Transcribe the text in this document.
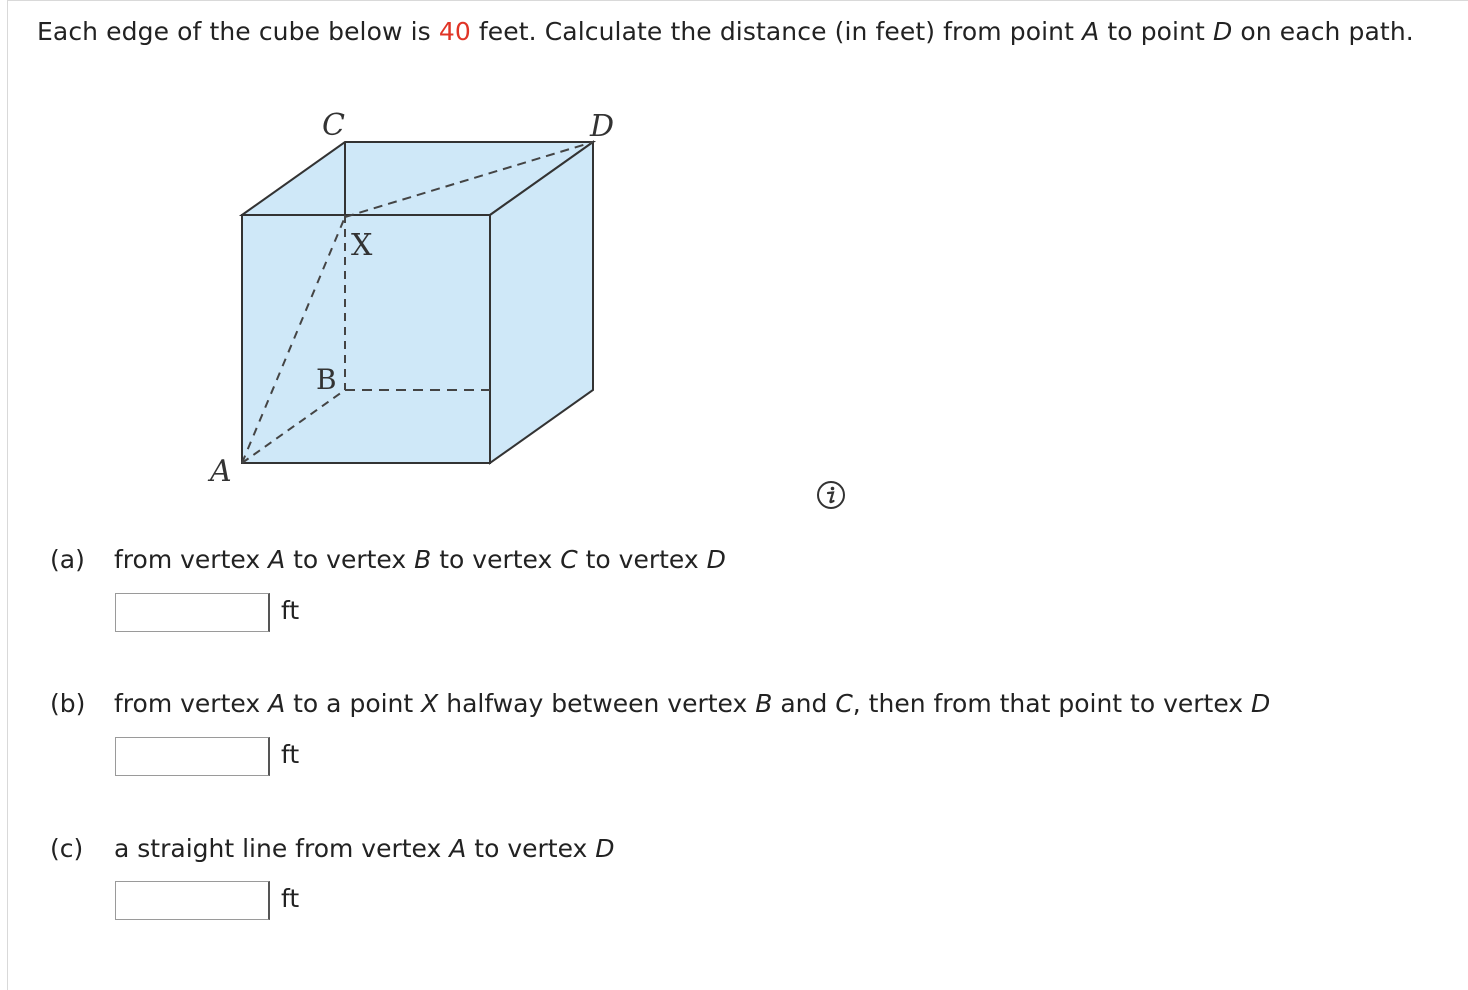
Each edge of the cube below is 40 feet. Calculate the distance (in feet) from point A to point D on each path.
C	D
X
B
A
(a) from vertex A to vertex B to vertex C to vertex D
ft
(b) from vertex A to a point X halfway between vertex B and C, then from that point to vertex D
ft
(c) a straight line from vertex A to vertex D
ft
